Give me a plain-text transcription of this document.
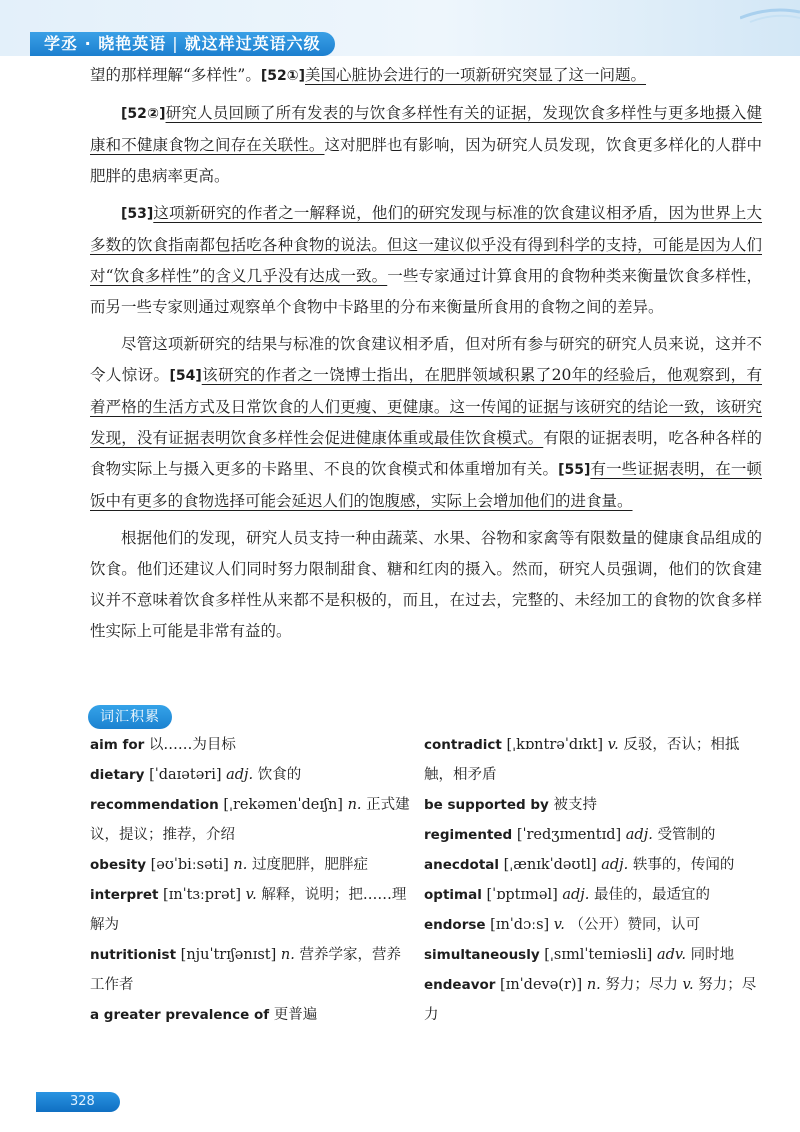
学丞 · 晓艳英语 | 就这样过英语六级

望的那样理解“多样性”。[52①]美国心脏协会进行的一项新研究突显了这一问题。

[52②]研究人员回顾了所有发表的与饮食多样性有关的证据，发现饮食多样性与更多地摄入健康和不健康食物之间存在关联性。这对肥胖也有影响，因为研究人员发现，饮食更多样化的人群中肥胖的患病率更高。

[53]这项新研究的作者之一解释说，他们的研究发现与标准的饮食建议相矛盾，因为世界上大多数的饮食指南都包括吃各种食物的说法。但这一建议似乎没有得到科学的支持，可能是因为人们对“饮食多样性”的含义几乎没有达成一致。一些专家通过计算食用的食物种类来衡量饮食多样性，而另一些专家则通过观察单个食物中卡路里的分布来衡量所食用的食物之间的差异。

尽管这项新研究的结果与标准的饮食建议相矛盾，但对所有参与研究的研究人员来说，这并不令人惊讶。[54]该研究的作者之一饶博士指出，在肥胖领域积累了20年的经验后，他观察到，有着严格的生活方式及日常饮食的人们更瘦、更健康。这一传闻的证据与该研究的结论一致，该研究发现，没有证据表明饮食多样性会促进健康体重或最佳饮食模式。有限的证据表明，吃各种各样的食物实际上与摄入更多的卡路里、不良的饮食模式和体重增加有关。[55]有一些证据表明，在一顿饭中有更多的食物选择可能会延迟人们的饱腹感，实际上会增加他们的进食量。

根据他们的发现，研究人员支持一种由蔬菜、水果、谷物和家禽等有限数量的健康食品组成的饮食。他们还建议人们同时努力限制甜食、糖和红肉的摄入。然而，研究人员强调，他们的饮食建议并不意味着饮食多样性从来都不是积极的，而且，在过去，完整的、未经加工的食物的饮食多样性实际上可能是非常有益的。

词汇积累

aim for 以……为目标

dietary [ˈdaɪətəri] adj. 饮食的

recommendation [ˌrekəmenˈdeɪʃn] n. 正式建议，提议；推荐，介绍

obesity [əʊˈbiːsəti] n. 过度肥胖，肥胖症

interpret [ɪnˈtɜːprət] v. 解释，说明；把……理解为

nutritionist [njuˈtrɪʃənɪst] n. 营养学家，营养工作者

a greater prevalence of 更普遍

contradict [ˌkɒntrəˈdɪkt] v. 反驳，否认；相抵触，相矛盾

be supported by 被支持

regimented [ˈredʒɪmentɪd] adj. 受管制的

anecdotal [ˌænɪkˈdəʊtl] adj. 轶事的，传闻的

optimal [ˈɒptɪməl] adj. 最佳的，最适宜的

endorse [ɪnˈdɔːs] v. （公开）赞同，认可

simultaneously [ˌsɪmlˈteɪniəsli] adv. 同时地

endeavor [ɪnˈdevə(r)] n. 努力；尽力 v. 努力；尽力

328
